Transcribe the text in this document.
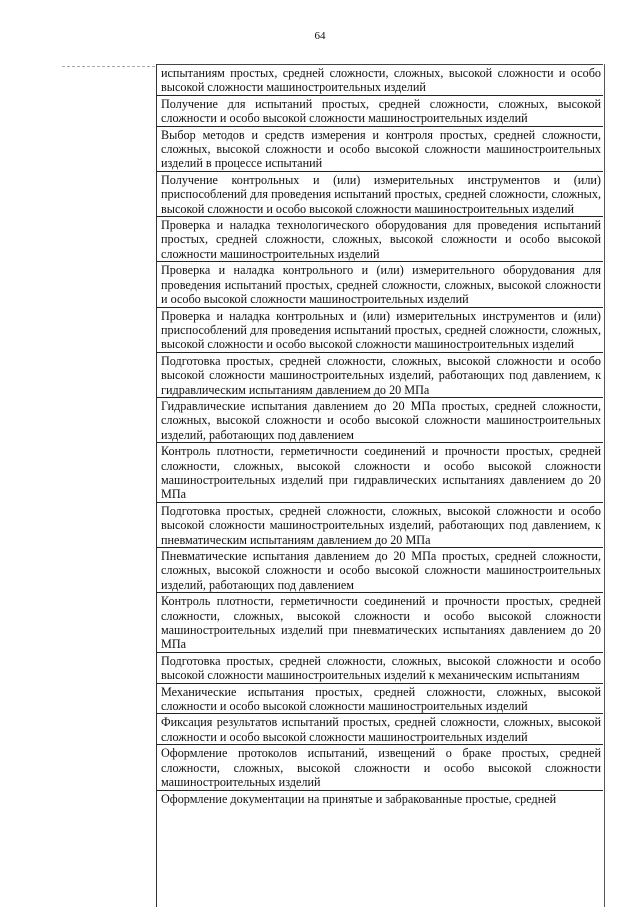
64
испытаниям простых, средней сложности, сложных, высокой сложности и особо высокой сложности машиностроительных изделий
Получение для испытаний простых, средней сложности, сложных, высокой сложности и особо высокой сложности машиностроительных изделий
Выбор методов и средств измерения и контроля простых, средней сложности, сложных, высокой сложности и особо высокой сложности машиностроительных изделий в процессе испытаний
Получение контрольных и (или) измерительных инструментов и (или) приспособлений для проведения испытаний простых, средней сложности, сложных, высокой сложности и особо высокой сложности машиностроительных изделий
Проверка и наладка технологического оборудования для проведения испытаний простых, средней сложности, сложных, высокой сложности и особо высокой сложности машиностроительных изделий
Проверка и наладка контрольного и (или) измерительного оборудования для проведения испытаний простых, средней сложности, сложных, высокой сложности и особо высокой сложности машиностроительных изделий
Проверка и наладка контрольных и (или) измерительных инструментов и (или) приспособлений для проведения испытаний простых, средней сложности, сложных, высокой сложности и особо высокой сложности машиностроительных изделий
Подготовка простых, средней сложности, сложных, высокой сложности и особо высокой сложности машиностроительных изделий, работающих под давлением, к гидравлическим испытаниям давлением до 20 МПа
Гидравлические испытания давлением до 20 МПа простых, средней сложности, сложных, высокой сложности и особо высокой сложности машиностроительных изделий, работающих под давлением
Контроль плотности, герметичности соединений и прочности простых, средней сложности, сложных, высокой сложности и особо высокой сложности машиностроительных изделий при гидравлических испытаниях давлением до 20 МПа
Подготовка простых, средней сложности, сложных, высокой сложности и особо высокой сложности машиностроительных изделий, работающих под давлением, к пневматическим испытаниям давлением до 20 МПа
Пневматические испытания давлением до 20 МПа простых, средней сложности, сложных, высокой сложности и особо высокой сложности машиностроительных изделий, работающих под давлением
Контроль плотности, герметичности соединений и прочности простых, средней сложности, сложных, высокой сложности и особо высокой сложности машиностроительных изделий при пневматических испытаниях давлением до 20 МПа
Подготовка простых, средней сложности, сложных, высокой сложности и особо высокой сложности машиностроительных изделий к механическим испытаниям
Механические испытания простых, средней сложности, сложных, высокой сложности и особо высокой сложности машиностроительных изделий
Фиксация результатов испытаний простых, средней сложности, сложных, высокой сложности и особо высокой сложности машиностроительных изделий
Оформление протоколов испытаний, извещений о браке простых, средней сложности, сложных, высокой сложности и особо высокой сложности машиностроительных изделий
Оформление документации на принятые и забракованные простые, средней
